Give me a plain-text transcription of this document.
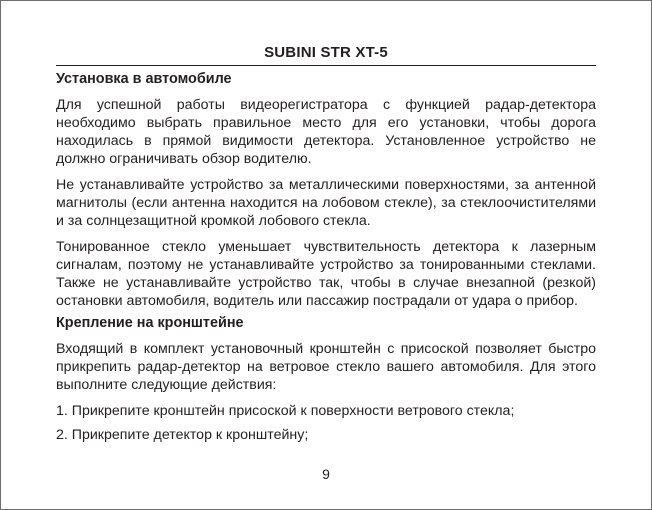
SUBINI STR XT-5
Установка в автомобиле

Для успешной работы видеорегистратора с функцией радар-детектора необходимо выбрать правильное место для его установки, чтобы дорога находилась в прямой видимости детектора. Установленное устройство не должно ограничивать обзор водителю.

Не устанавливайте устройство за металлическими поверхностями, за антенной магнитолы (если антенна находится на лобовом стекле), за стеклоочистителями и за солнцезащитной кромкой лобового стекла.

Тонированное стекло уменьшает чувствительность детектора к лазерным сигналам, поэтому не устанавливайте устройство за тонированными стеклами. Также не устанавливайте устройство так, чтобы в случае внезапной (резкой) остановки автомобиля, водитель или пассажир пострадали от удара о прибор.

Крепление на кронштейне

Входящий в комплект установочный кронштейн с присоской позволяет быстро прикрепить радар-детектор на ветровое стекло вашего автомобиля. Для этого выполните следующие действия:

1. Прикрепите кронштейн присоской к поверхности ветрового стекла;
2. Прикрепите детектор к кронштейну;
9
